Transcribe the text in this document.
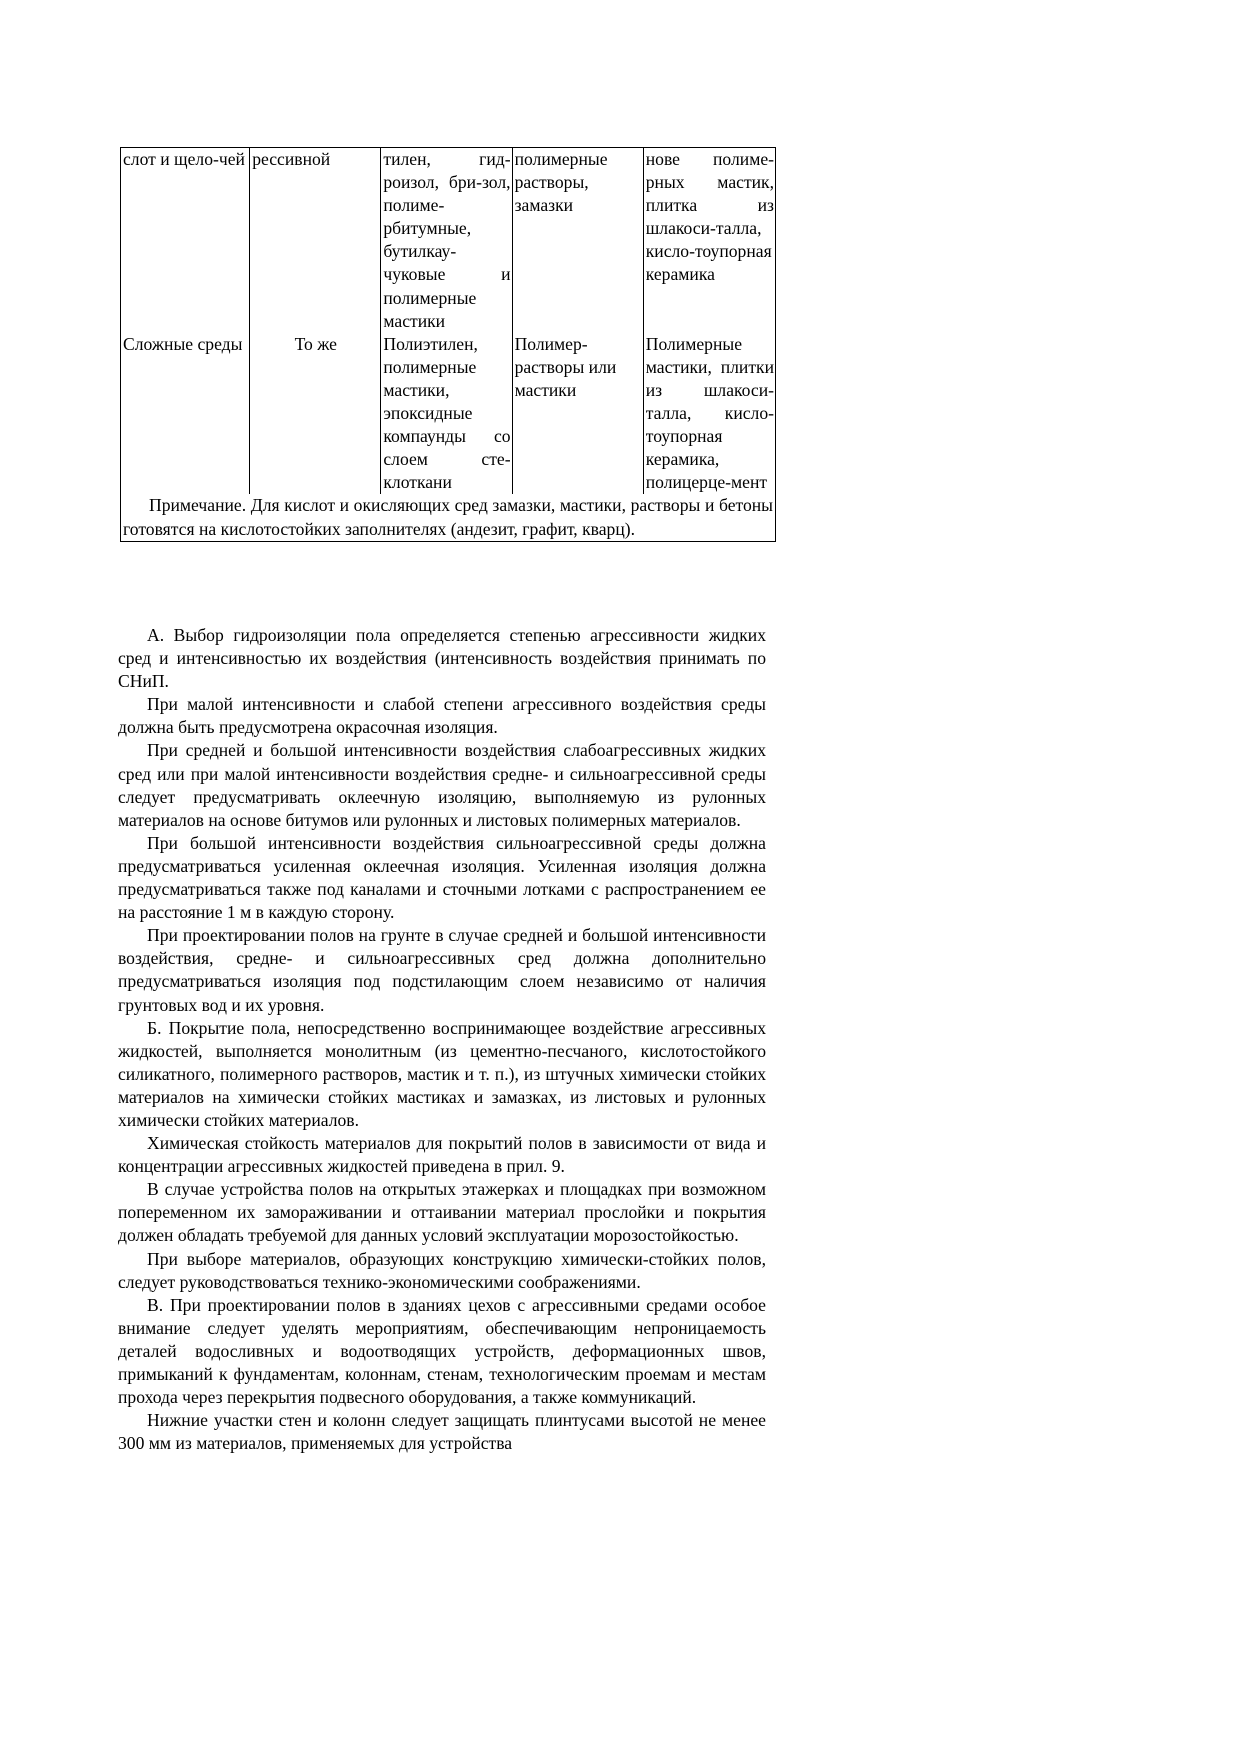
слот и щело-чей	рессивной	тилен, гид-роизол, бри-зол, полиме-рбитумные, бутилкау-чуковые и полимерные мастики	полимерные растворы, замазки	нове полиме-рных мастик, плитка из шлакоси-талла, кисло-тоупорная керамика
Сложные среды	То же	Полиэтилен, полимерные мастики, эпоксидные компаунды со слоем сте-клоткани	Полимер-растворы или мастики	Полимерные мастики, плитки из шлакоси-талла, кисло-тоупорная керамика, полицерце-мент
Примечание. Для кислот и окисляющих сред замазки, мастики, растворы и бетоны готовятся на кислотостойких заполнителях (андезит, графит, кварц).				

А. Выбор гидроизоляции пола определяется степенью агрессивности жидких сред и интенсивностью их воздействия (интенсивность воздействия принимать по СНиП.

При малой интенсивности и слабой степени агрессивного воздействия среды должна быть предусмотрена окрасочная изоляция.

При средней и большой интенсивности воздействия слабоагрессивных жидких сред или при малой интенсивности воздействия средне- и сильноагрессивной среды следует предусматривать оклеечную изоляцию, выполняемую из рулонных материалов на основе битумов или рулонных и листовых полимерных материалов.

При большой интенсивности воздействия сильноагрессивной среды должна предусматриваться усиленная оклеечная изоляция. Усиленная изоляция должна предусматриваться также под каналами и сточными лотками с распространением ее на расстояние 1 м в каждую сторону.

При проектировании полов на грунте в случае средней и большой интенсивности воздействия, средне- и сильноагрессивных сред должна дополнительно предусматриваться изоляция под подстилающим слоем независимо от наличия грунтовых вод и их уровня.

Б. Покрытие пола, непосредственно воспринимающее воздействие агрессивных жидкостей, выполняется монолитным (из цементно-песчаного, кислотостойкого силикатного, полимерного растворов, мастик и т. п.), из штучных химически стойких материалов на химически стойких мастиках и замазках, из листовых и рулонных химически стойких материалов.

Химическая стойкость материалов для покрытий полов в зависимости от вида и концентрации агрессивных жидкостей приведена в прил. 9.

В случае устройства полов на открытых этажерках и площадках при возможном попеременном их замораживании и оттаивании материал прослойки и покрытия должен обладать требуемой для данных условий эксплуатации морозостойкостью.

При выборе материалов, образующих конструкцию химически-стойких полов, следует руководствоваться технико-экономическими соображениями.

В. При проектировании полов в зданиях цехов с агрессивными средами особое внимание следует уделять мероприятиям, обеспечивающим непроницаемость деталей водосливных и водоотводящих устройств, деформационных швов, примыканий к фундаментам, колоннам, стенам, технологическим проемам и местам прохода через перекрытия подвесного оборудования, а также коммуникаций.

Нижние участки стен и колонн следует защищать плинтусами высотой не менее 300 мм из материалов, применяемых для устройства
